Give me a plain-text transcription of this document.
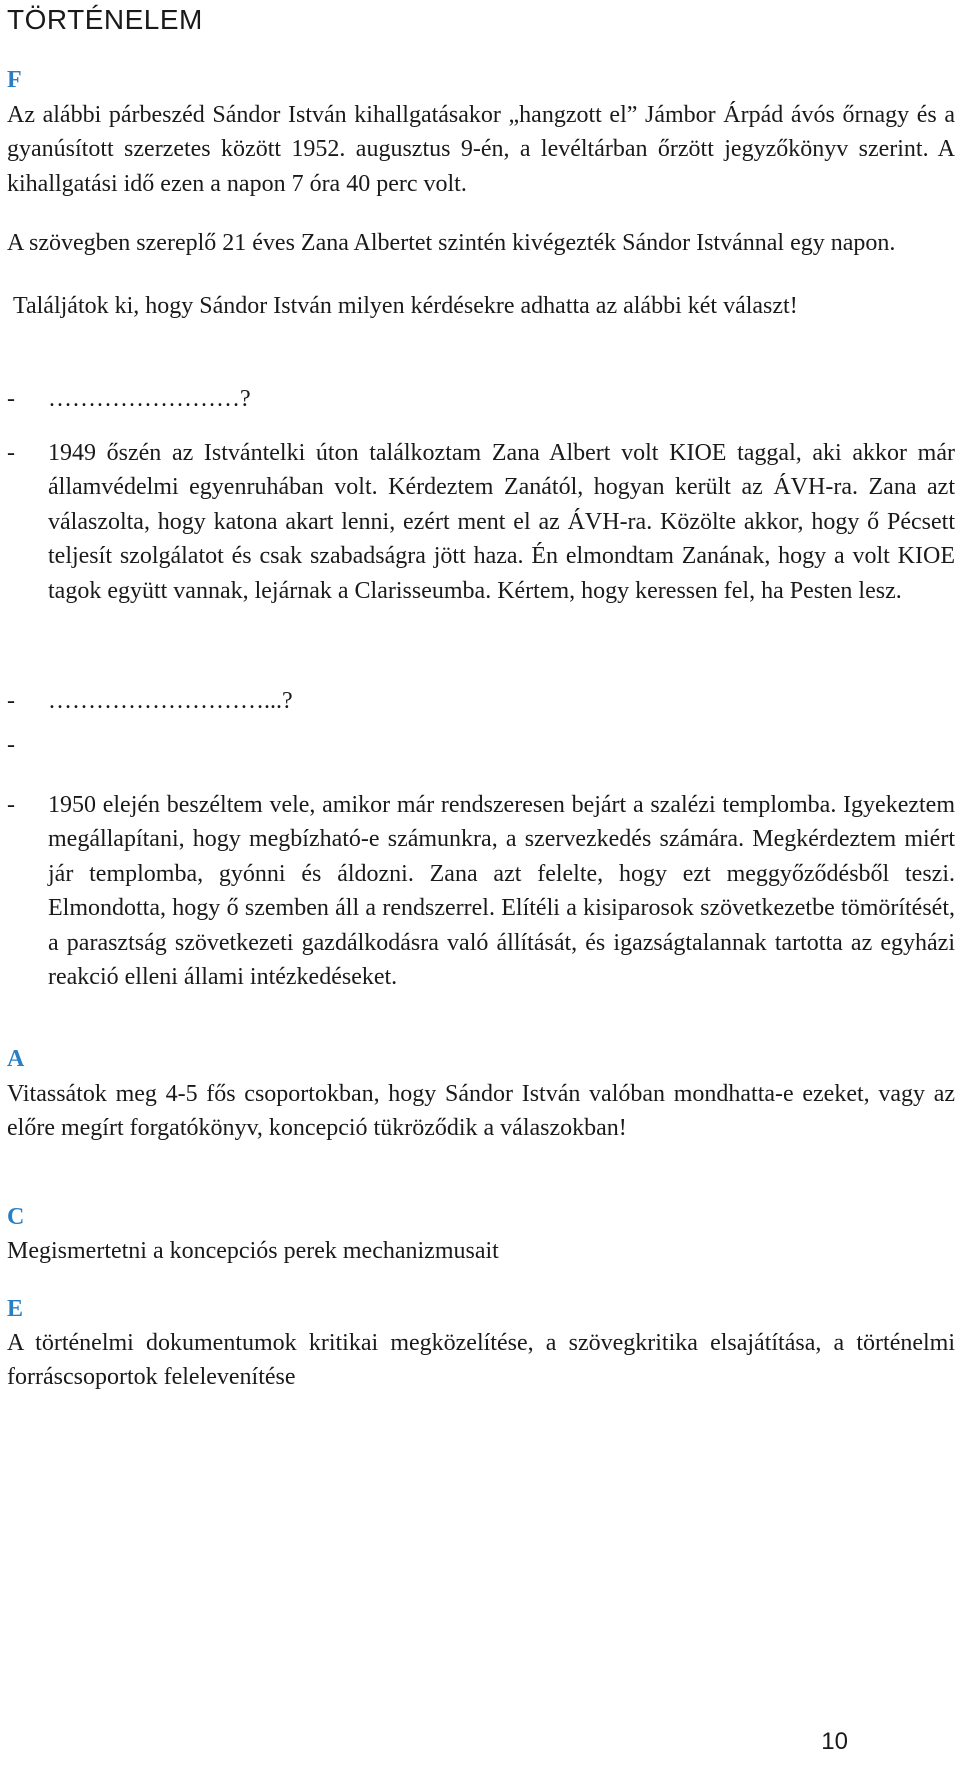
TÖRTÉNELEM
F

Az alábbi párbeszéd Sándor István kihallgatásakor „hangzott el” Jámbor Árpád ávós őrnagy és a gyanúsított szerzetes között 1952. augusztus 9-én, a levéltárban őrzött jegyzőkönyv szerint. A kihallgatási idő ezen a napon 7 óra 40 perc volt.

A szövegben szereplő 21 éves Zana Albertet szintén kivégezték Sándor Istvánnal egy napon.

Találjátok ki, hogy Sándor István milyen kérdésekre adhatta az alábbi két választ!

- ……………………?
- 1949 őszén az Istvántelki úton találkoztam Zana Albert volt KIOE taggal, aki akkor már államvédelmi egyenruhában volt. Kérdeztem Zanától, hogyan került az ÁVH-ra. Zana azt válaszolta, hogy katona akart lenni, ezért ment el az ÁVH-ra. Közölte akkor, hogy ő Pécsett teljesít szolgálatot és csak szabadságra jött haza. Én elmondtam Zanának, hogy a volt KIOE tagok együtt vannak, lejárnak a Clarisseumba. Kértem, hogy keressen fel, ha Pesten lesz.
- ………………………...?
-
- 1950 elején beszéltem vele, amikor már rendszeresen bejárt a szalézi templomba. Igyekeztem megállapítani, hogy megbízható-e számunkra, a szervezkedés számára. Megkérdeztem miért jár templomba, gyónni és áldozni. Zana azt felelte, hogy ezt meggyőződésből teszi. Elmondotta, hogy ő szemben áll a rendszerrel. Elítéli a kisiparosok szövetkezetbe tömörítését, a parasztság szövetkezeti gazdálkodásra való állítását, és igazságtalannak tartotta az egyházi reakció elleni állami intézkedéseket.
A

Vitassátok meg 4-5 fős csoportokban, hogy Sándor István valóban mondhatta-e ezeket, vagy az előre megírt forgatókönyv, koncepció tükröződik a válaszokban!

C

Megismertetni a koncepciós perek mechanizmusait

E

A történelmi dokumentumok kritikai megközelítése, a szövegkritika elsajátítása, a történelmi forráscsoportok felelevenítése

10
